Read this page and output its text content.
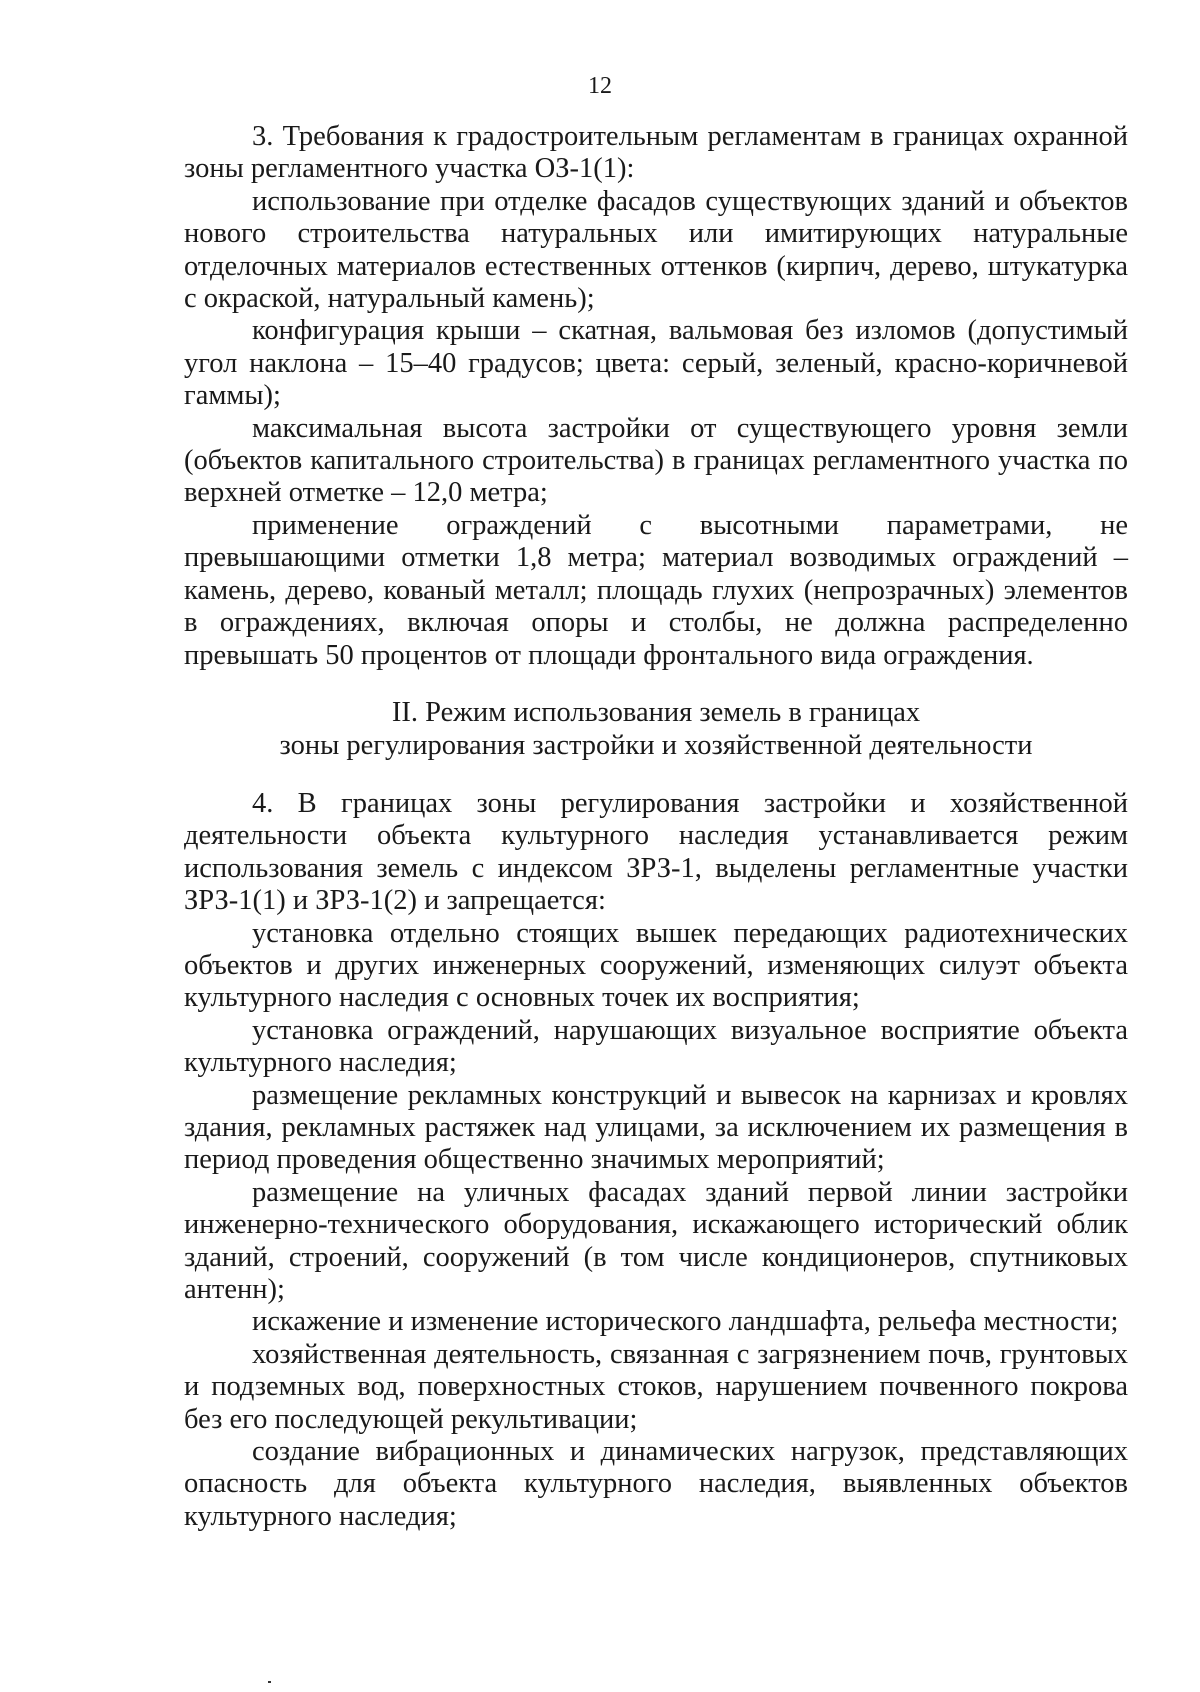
12

3. Требования к градостроительным регламентам в границах охранной зоны регламентного участка ОЗ-1(1):

использование при отделке фасадов существующих зданий и объектов нового строительства натуральных или имитирующих натуральные отделочных материалов естественных оттенков (кирпич, дерево, штукатурка с окраской, натуральный камень);

конфигурация крыши – скатная, вальмовая без изломов (допустимый угол наклона – 15–40 градусов; цвета: серый, зеленый, красно-коричневой гаммы);

максимальная высота застройки от существующего уровня земли (объектов капитального строительства) в границах регламентного участка по верхней отметке – 12,0 метра;

применение ограждений с высотными параметрами, не превышающими отметки 1,8 метра; материал возводимых ограждений – камень, дерево, кованый металл; площадь глухих (непрозрачных) элементов в ограждениях, включая опоры и столбы, не должна распределенно превышать 50 процентов от площади фронтального вида ограждения.

II. Режим использования земель в границах
зоны регулирования застройки и хозяйственной деятельности

4. В границах зоны регулирования застройки и хозяйственной деятельности объекта культурного наследия устанавливается режим использования земель с индексом ЗРЗ-1, выделены регламентные участки ЗРЗ-1(1) и ЗРЗ-1(2) и запрещается:

установка отдельно стоящих вышек передающих радиотехнических объектов и других инженерных сооружений, изменяющих силуэт объекта культурного наследия с основных точек их восприятия;

установка ограждений, нарушающих визуальное восприятие объекта культурного наследия;

размещение рекламных конструкций и вывесок на карнизах и кровлях здания, рекламных растяжек над улицами, за исключением их размещения в период проведения общественно значимых мероприятий;

размещение на уличных фасадах зданий первой линии застройки инженерно-технического оборудования, искажающего исторический облик зданий, строений, сооружений (в том числе кондиционеров, спутниковых антенн);

искажение и изменение исторического ландшафта, рельефа местности;

хозяйственная деятельность, связанная с загрязнением почв, грунтовых и подземных вод, поверхностных стоков, нарушением почвенного покрова без его последующей рекультивации;

создание вибрационных и динамических нагрузок, представляющих опасность для объекта культурного наследия, выявленных объектов культурного наследия;
